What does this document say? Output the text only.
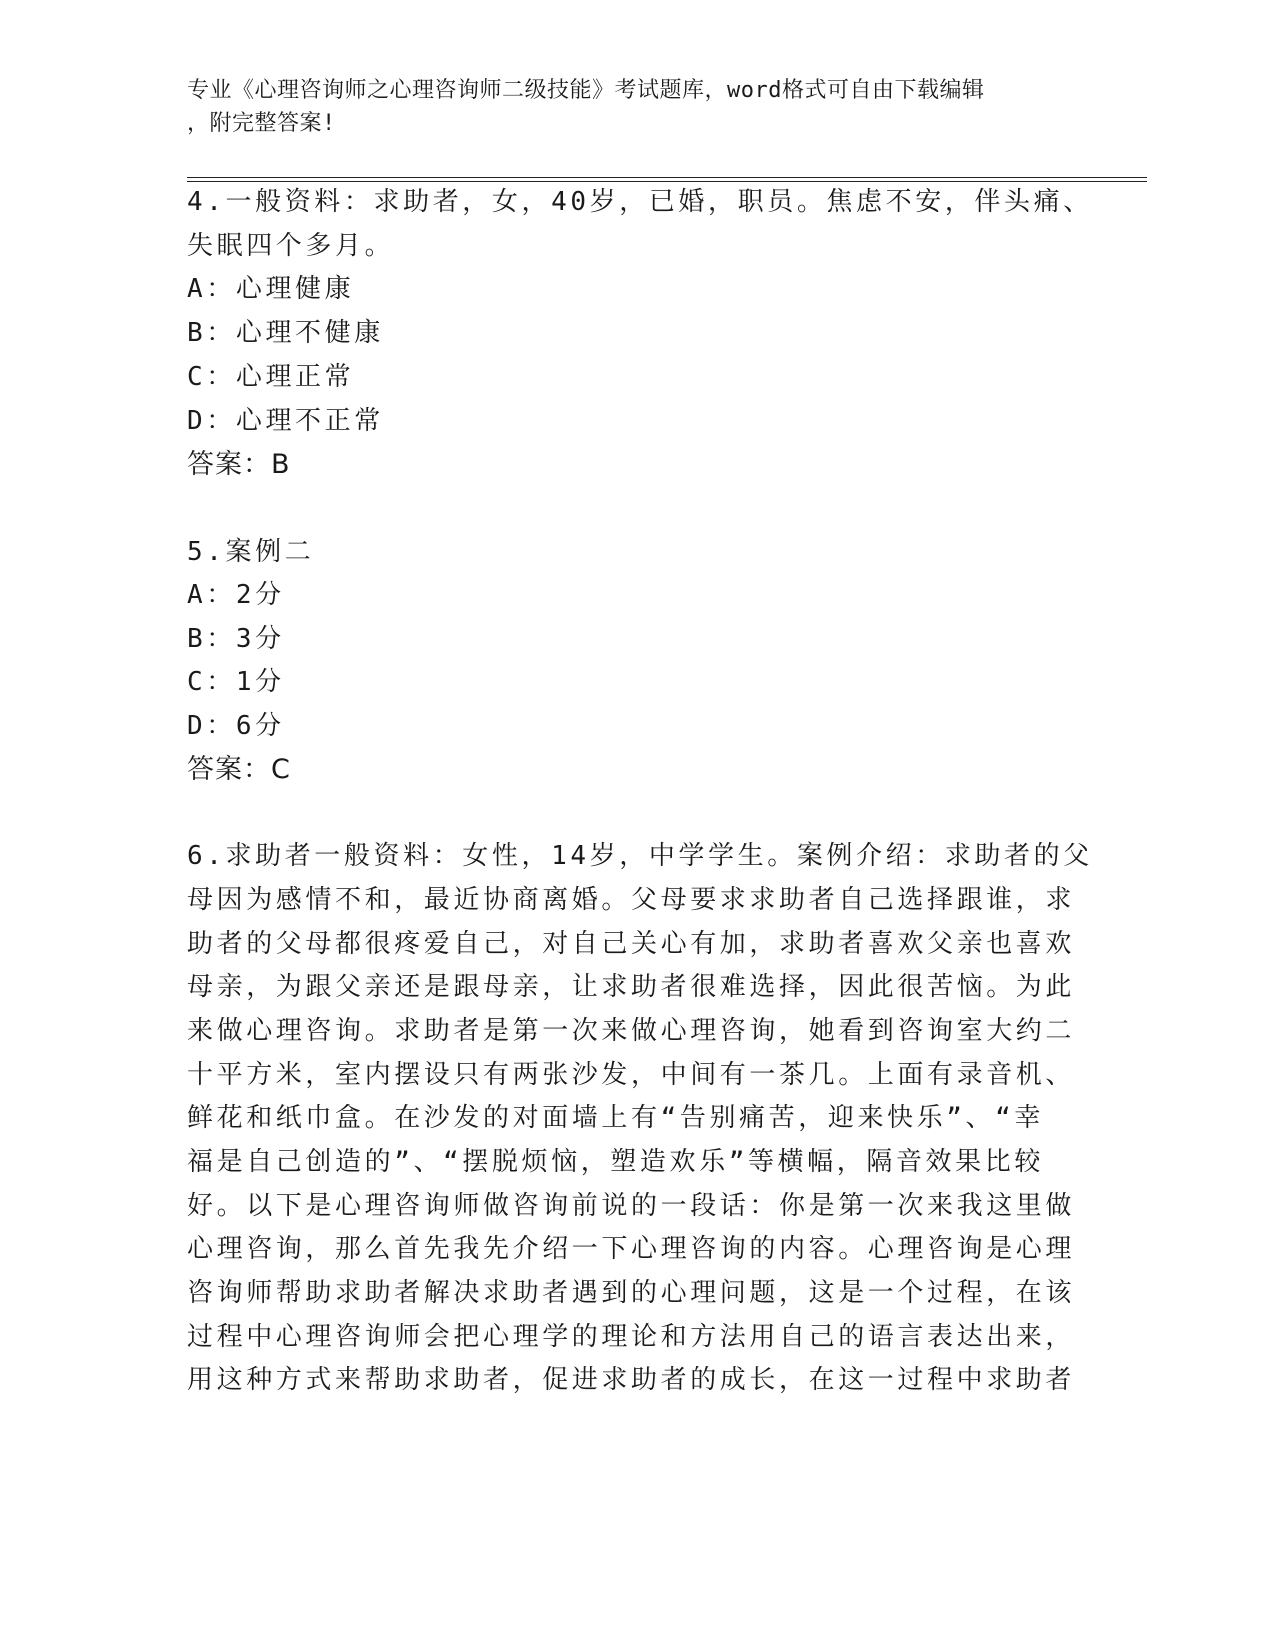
专业《心理咨询师之心理咨询师二级技能》考试题库，word格式可自由下载编辑
，附完整答案!
4.一般资料：求助者，女，40岁，已婚，职员。焦虑不安，伴头痛、
失眠四个多月。
A：心理健康
B：心理不健康
C：心理正常
D：心理不正常
答案：B
5.案例二
A：2分
B：3分
C：1分
D：6分
答案：C
6.求助者一般资料：女性，14岁，中学学生。案例介绍：求助者的父
母因为感情不和，最近协商离婚。父母要求求助者自己选择跟谁，求
助者的父母都很疼爱自己，对自己关心有加，求助者喜欢父亲也喜欢
母亲，为跟父亲还是跟母亲，让求助者很难选择，因此很苦恼。为此
来做心理咨询。求助者是第一次来做心理咨询，她看到咨询室大约二
十平方米，室内摆设只有两张沙发，中间有一茶几。上面有录音机、
鲜花和纸巾盒。在沙发的对面墙上有“告别痛苦，迎来快乐”、“幸
福是自己创造的”、“摆脱烦恼，塑造欢乐”等横幅，隔音效果比较
好。以下是心理咨询师做咨询前说的一段话：你是第一次来我这里做
心理咨询，那么首先我先介绍一下心理咨询的内容。心理咨询是心理
咨询师帮助求助者解决求助者遇到的心理问题，这是一个过程，在该
过程中心理咨询师会把心理学的理论和方法用自己的语言表达出来，
用这种方式来帮助求助者，促进求助者的成长，在这一过程中求助者
